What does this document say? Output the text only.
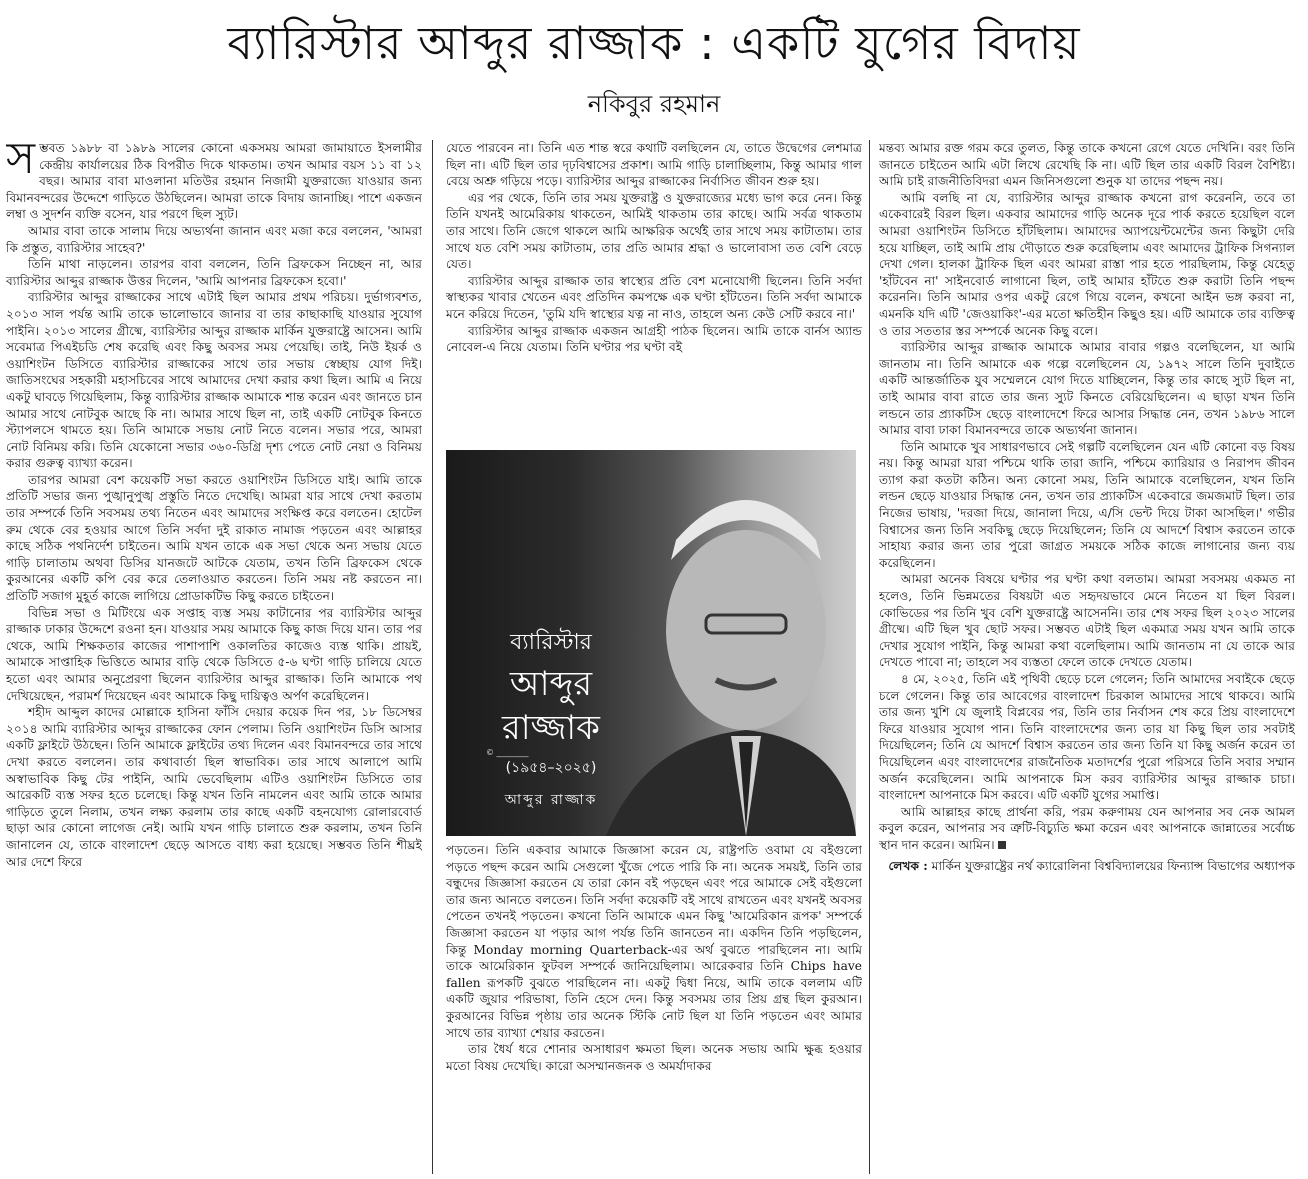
ব্যারিস্টার আব্দুর রাজ্জাক : একটি যুগের বিদায়
নকিবুর রহমান

সম্ভবত ১৯৮৮ বা ১৯৮৯ সালের কোনো একসময় আমরা জামায়াতে ইসলামীর কেন্দ্রীয় কার্যালয়ের ঠিক বিপরীত দিকে থাকতাম। তখন আমার বয়স ১১ বা ১২ বছর। আমার বাবা মাওলানা মতিউর রহমান নিজামী যুক্তরাজ্যে যাওয়ার জন্য বিমানবন্দরের উদ্দেশে গাড়িতে উঠছিলেন। আমরা তাকে বিদায় জানাচ্ছি। পাশে একজন লম্বা ও সুদর্শন ব্যক্তি বসেন, যার পরণে ছিল স্যুট।

আমার বাবা তাকে সালাম দিয়ে অভ্যর্থনা জানান এবং মজা করে বললেন, 'আমরা কি প্রস্তুত, ব্যারিস্টার সাহেব?'

তিনি মাথা নাড়লেন। তারপর বাবা বললেন, তিনি ব্রিফকেস নিচ্ছেন না, আর ব্যারিস্টার আব্দুর রাজ্জাক উত্তর দিলেন, 'আমি আপনার ব্রিফকেস হবো।'

ব্যারিস্টার আব্দুর রাজ্জাকের সাথে এটাই ছিল আমার প্রথম পরিচয়। দুর্ভাগ্যবশত, ২০১৩ সাল পর্যন্ত আমি তাকে ভালোভাবে জানার বা তার কাছাকাছি যাওয়ার সুযোগ পাইনি। ২০১৩ সালের গ্রীষ্মে, ব্যারিস্টার আব্দুর রাজ্জাক মার্কিন যুক্তরাষ্ট্রে আসেন। আমি সবেমাত্র পিএইচডি শেষ করেছি এবং কিছু অবসর সময় পেয়েছি। তাই, নিউ ইয়র্ক ও ওয়াশিংটন ডিসিতে ব্যারিস্টার রাজ্জাকের সাথে তার সভায় স্বেচ্ছায় যোগ দিই। জাতিসংঘের সহকারী মহাসচিবের সাথে আমাদের দেখা করার কথা ছিল। আমি এ নিয়ে একটু ঘাবড়ে গিয়েছিলাম, কিন্তু ব্যারিস্টার রাজ্জাক আমাকে শান্ত করেন এবং জানতে চান আমার সাথে নোটবুক আছে কি না। আমার সাথে ছিল না, তাই একটি নোটবুক কিনতে স্ট্যাপলসে থামতে হয়। তিনি আমাকে সভায় নোট নিতে বলেন। সভার পরে, আমরা নোট বিনিময় করি। তিনি যেকোনো সভার ৩৬০-ডিগ্রি দৃশ্য পেতে নোট নেয়া ও বিনিময় করার গুরুত্ব ব্যাখ্যা করেন।

তারপর আমরা বেশ কয়েকটি সভা করতে ওয়াশিংটন ডিসিতে যাই। আমি তাকে প্রতিটি সভার জন্য পুঙ্খানুপুঙ্খ প্রস্তুতি নিতে দেখেছি। আমরা যার সাথে দেখা করতাম তার সম্পর্কে তিনি সবসময় তথ্য নিতেন এবং আমাদের সংক্ষিপ্ত করে বলতেন। হোটেল রুম থেকে বের হওয়ার আগে তিনি সর্বদা দুই রাকাত নামাজ পড়তেন এবং আল্লাহর কাছে সঠিক পথনির্দেশ চাইতেন। আমি যখন তাকে এক সভা থেকে অন্য সভায় যেতে গাড়ি চালাতাম অথবা ডিসির যানজটে আটকে যেতাম, তখন তিনি ব্রিফকেস থেকে কুরআনের একটি কপি বের করে তেলাওয়াত করতেন। তিনি সময় নষ্ট করতেন না। প্রতিটি সজাগ মুহূর্ত কাজে লাগিয়ে প্রোডাকটিভ কিছু করতে চাইতেন।

বিভিন্ন সভা ও মিটিংয়ে এক সপ্তাহ ব্যস্ত সময় কাটানোর পর ব্যারিস্টার আব্দুর রাজ্জাক ঢাকার উদ্দেশে রওনা হন। যাওয়ার সময় আমাকে কিছু কাজ দিয়ে যান। তার পর থেকে, আমি শিক্ষকতার কাজের পাশাপাশি ওকালতির কাজেও ব্যস্ত থাকি। প্রায়ই, আমাকে সাপ্তাহিক ভিত্তিতে আমার বাড়ি থেকে ডিসিতে ৫-৬ ঘণ্টা গাড়ি চালিয়ে যেতে হতো এবং আমার অনুপ্রেরণা ছিলেন ব্যারিস্টার আব্দুর রাজ্জাক। তিনি আমাকে পথ দেখিয়েছেন, পরামর্শ দিয়েছেন এবং আমাকে কিছু দায়িত্বও অর্পণ করেছিলেন।

শহীদ আব্দুল কাদের মোল্লাকে হাসিনা ফাঁসি দেয়ার কয়েক দিন পর, ১৮ ডিসেম্বর ২০১৪ আমি ব্যারিস্টার আব্দুর রাজ্জাকের ফোন পেলাম। তিনি ওয়াশিংটন ডিসি আসার একটি ফ্লাইটে উঠছেন। তিনি আমাকে ফ্লাইটের তথ্য দিলেন এবং বিমানবন্দরে তার সাথে দেখা করতে বললেন। তার কথাবার্তা ছিল স্বাভাবিক। তার সাথে আলাপে আমি অস্বাভাবিক কিছু টের পাইনি, আমি ভেবেছিলাম এটিও ওয়াশিংটন ডিসিতে তার আরেকটি ব্যস্ত সফর হতে চলেছে। কিন্তু যখন তিনি নামলেন এবং আমি তাকে আমার গাড়িতে তুলে নিলাম, তখন লক্ষ্য করলাম তার কাছে একটি বহনযোগ্য রোলারবোর্ড ছাড়া আর কোনো লাগেজ নেই। আমি যখন গাড়ি চালাতে শুরু করলাম, তখন তিনি জানালেন যে, তাকে বাংলাদেশ ছেড়ে আসতে বাধ্য করা হয়েছে। সম্ভবত তিনি শীঘ্রই আর দেশে ফিরে

যেতে পারবেন না। তিনি এত শান্ত স্বরে কথাটি বলছিলেন যে, তাতে উদ্বেগের লেশমাত্র ছিল না। এটি ছিল তার দৃঢ়বিশ্বাসের প্রকাশ। আমি গাড়ি চালাচ্ছিলাম, কিন্তু আমার গাল বেয়ে অশ্রু গড়িয়ে পড়ে। ব্যারিস্টার আব্দুর রাজ্জাকের নির্বাসিত জীবন শুরু হয়।

এর পর থেকে, তিনি তার সময় যুক্তরাষ্ট্র ও যুক্তরাজ্যের মধ্যে ভাগ করে নেন। কিন্তু তিনি যখনই আমেরিকায় থাকতেন, আমিই থাকতাম তার কাছে। আমি সর্বত্র থাকতাম তার সাথে। তিনি জেগে থাকলে আমি আক্ষরিক অর্থেই তার সাথে সময় কাটাতাম। তার সাথে যত বেশি সময় কাটাতাম, তার প্রতি আমার শ্রদ্ধা ও ভালোবাসা তত বেশি বেড়ে যেত।

ব্যারিস্টার আব্দুর রাজ্জাক তার স্বাস্থ্যের প্রতি বেশ মনোযোগী ছিলেন। তিনি সর্বদা স্বাস্থ্যকর খাবার খেতেন এবং প্রতিদিন কমপক্ষে এক ঘণ্টা হাঁটতেন। তিনি সর্বদা আমাকে মনে করিয়ে দিতেন, 'তুমি যদি স্বাস্থ্যের যত্ন না নাও, তাহলে অন্য কেউ সেটি করবে না।'

ব্যারিস্টার আব্দুর রাজ্জাক একজন আগ্রহী পাঠক ছিলেন। আমি তাকে বার্নস অ্যান্ড নোবেল-এ নিয়ে যেতাম। তিনি ঘণ্টার পর ঘণ্টা বই

ব্যারিস্টার
আব্দুর রাজ্জাক
(১৯৫৪–২০২৫)
আব্দুর রাজ্জাক
© ________

পড়তেন। তিনি একবার আমাকে জিজ্ঞাসা করেন যে, রাষ্ট্রপতি ওবামা যে বইগুলো পড়তে পছন্দ করেন আমি সেগুলো খুঁজে পেতে পারি কি না। অনেক সময়ই, তিনি তার বন্ধুদের জিজ্ঞাসা করতেন যে তারা কোন বই পড়ছেন এবং পরে আমাকে সেই বইগুলো তার জন্য আনতে বলতেন। তিনি সর্বদা কয়েকটি বই সাথে রাখতেন এবং যখনই অবসর পেতেন তখনই পড়তেন। কখনো তিনি আমাকে এমন কিছু 'আমেরিকান রূপক' সম্পর্কে জিজ্ঞাসা করতেন যা পড়ার আগ পর্যন্ত তিনি জানতেন না। একদিন তিনি পড়ছিলেন, কিন্তু Monday morning Quarterback-এর অর্থ বুঝতে পারছিলেন না। আমি তাকে আমেরিকান ফুটবল সম্পর্কে জানিয়েছিলাম। আরেকবার তিনি Chips have fallen রূপকটি বুঝতে পারছিলেন না। একটু দ্বিধা নিয়ে, আমি তাকে বললাম এটি একটি জুয়ার পরিভাষা, তিনি হেসে দেন। কিন্তু সবসময় তার প্রিয় গ্রন্থ ছিল কুরআন। কুরআনের বিভিন্ন পৃষ্ঠায় তার অনেক স্টিকি নোট ছিল যা তিনি পড়তেন এবং আমার সাথে তার ব্যাখ্যা শেয়ার করতেন।

তার ধৈর্য ধরে শোনার অসাধারণ ক্ষমতা ছিল। অনেক সভায় আমি ক্ষুব্ধ হওয়ার মতো বিষয় দেখেছি। কারো অসম্মানজনক ও অমর্যাদাকর

মন্তব্য আমার রক্ত গরম করে তুলত, কিন্তু তাকে কখনো রেগে যেতে দেখিনি। বরং তিনি জানতে চাইতেন আমি এটা লিখে রেখেছি কি না। এটি ছিল তার একটি বিরল বৈশিষ্ট্য। আমি চাই রাজনীতিবিদরা এমন জিনিসগুলো শুনুক যা তাদের পছন্দ নয়।

আমি বলছি না যে, ব্যারিস্টার আব্দুর রাজ্জাক কখনো রাগ করেননি, তবে তা একেবারেই বিরল ছিল। একবার আমাদের গাড়ি অনেক দূরে পার্ক করতে হয়েছিল বলে আমরা ওয়াশিংটন ডিসিতে হাঁটছিলাম। আমাদের অ্যাপয়েন্টমেন্টের জন্য কিছুটা দেরি হয়ে যাচ্ছিল, তাই আমি প্রায় দৌড়াতে শুরু করেছিলাম এবং আমাদের ট্রাফিক সিগন্যাল দেখা গেল। হালকা ট্রাফিক ছিল এবং আমরা রাস্তা পার হতে পারছিলাম, কিন্তু যেহেতু 'হাঁটবেন না' সাইনবোর্ড লাগানো ছিল, তাই আমার হাঁটতে শুরু করাটা তিনি পছন্দ করেননি। তিনি আমার ওপর একটু রেগে গিয়ে বলেন, কখনো আইন ভঙ্গ করবা না, এমনকি যদি এটি 'জেওয়াকিং'-এর মতো ক্ষতিহীন কিছুও হয়। এটি আমাকে তার ব্যক্তিত্ব ও তার সততার স্তর সম্পর্কে অনেক কিছু বলে।

ব্যারিস্টার আব্দুর রাজ্জাক আমাকে আমার বাবার গল্পও বলেছিলেন, যা আমি জানতাম না। তিনি আমাকে এক গল্পে বলেছিলেন যে, ১৯৭২ সালে তিনি দুবাইতে একটি আন্তর্জাতিক যুব সম্মেলনে যোগ দিতে যাচ্ছিলেন, কিন্তু তার কাছে স্যুট ছিল না, তাই আমার বাবা রাতে তার জন্য স্যুট কিনতে বেরিয়েছিলেন। এ ছাড়া যখন তিনি লন্ডনে তার প্র্যাকটিস ছেড়ে বাংলাদেশে ফিরে আসার সিদ্ধান্ত নেন, তখন ১৯৮৬ সালে আমার বাবা ঢাকা বিমানবন্দরে তাকে অভ্যর্থনা জানান।

তিনি আমাকে খুব সাধারণভাবে সেই গল্পটি বলেছিলেন যেন এটি কোনো বড় বিষয় নয়। কিন্তু আমরা যারা পশ্চিমে থাকি তারা জানি, পশ্চিমে ক্যারিয়ার ও নিরাপদ জীবন ত্যাগ করা কতটা কঠিন। অন্য কোনো সময়, তিনি আমাকে বলেছিলেন, যখন তিনি লন্ডন ছেড়ে যাওয়ার সিদ্ধান্ত নেন, তখন তার প্র্যাকটিস একেবারে জমজমাট ছিল। তার নিজের ভাষায়, 'দরজা দিয়ে, জানালা দিয়ে, এ/সি ভেন্ট দিয়ে টাকা আসছিল।' গভীর বিশ্বাসের জন্য তিনি সবকিছু ছেড়ে দিয়েছিলেন; তিনি যে আদর্শে বিশ্বাস করতেন তাকে সাহায্য করার জন্য তার পুরো জাগ্রত সময়কে সঠিক কাজে লাগানোর জন্য ব্যয় করেছিলেন।

আমরা অনেক বিষয়ে ঘণ্টার পর ঘণ্টা কথা বলতাম। আমরা সবসময় একমত না হলেও, তিনি ভিন্নমতের বিষয়টা এত সহৃদয়ভাবে মেনে নিতেন যা ছিল বিরল। কোভিডের পর তিনি খুব বেশি যুক্তরাষ্ট্রে আসেননি। তার শেষ সফর ছিল ২০২৩ সালের গ্রীষ্মে। এটি ছিল খুব ছোট সফর। সম্ভবত এটাই ছিল একমাত্র সময় যখন আমি তাকে দেখার সুযোগ পাইনি, কিন্তু আমরা কথা বলেছিলাম। আমি জানতাম না যে তাকে আর দেখতে পাবো না; তাহলে সব ব্যস্ততা ফেলে তাকে দেখতে যেতাম।

৪ মে, ২০২৫, তিনি এই পৃথিবী ছেড়ে চলে গেলেন; তিনি আমাদের সবাইকে ছেড়ে চলে গেলেন। কিন্তু তার আবেগের বাংলাদেশ চিরকাল আমাদের সাথে থাকবে। আমি তার জন্য খুশি যে জুলাই বিপ্লবের পর, তিনি তার নির্বাসন শেষ করে প্রিয় বাংলাদেশে ফিরে যাওয়ার সুযোগ পান। তিনি বাংলাদেশের জন্য তার যা কিছু ছিল তার সবটাই দিয়েছিলেন; তিনি যে আদর্শে বিশ্বাস করতেন তার জন্য তিনি যা কিছু অর্জন করেন তা দিয়েছিলেন এবং বাংলাদেশের রাজনৈতিক মতাদর্শের পুরো পরিসরে তিনি সবার সম্মান অর্জন করেছিলেন। আমি আপনাকে মিস করব ব্যারিস্টার আব্দুর রাজ্জাক চাচা। বাংলাদেশ আপনাকে মিস করবে। এটি একটি যুগের সমাপ্তি।

আমি আল্লাহর কাছে প্রার্থনা করি, পরম করুণাময় যেন আপনার সব নেক আমল কবুল করেন, আপনার সব ত্রুটি-বিচ্যুতি ক্ষমা করেন এবং আপনাকে জান্নাতের সর্বোচ্চ স্থান দান করেন। আমিন।

লেখক : মার্কিন যুক্তরাষ্ট্রের নর্থ ক্যারোলিনা বিশ্ববিদ্যালয়ের ফিন্যান্স বিভাগের অধ্যাপক
